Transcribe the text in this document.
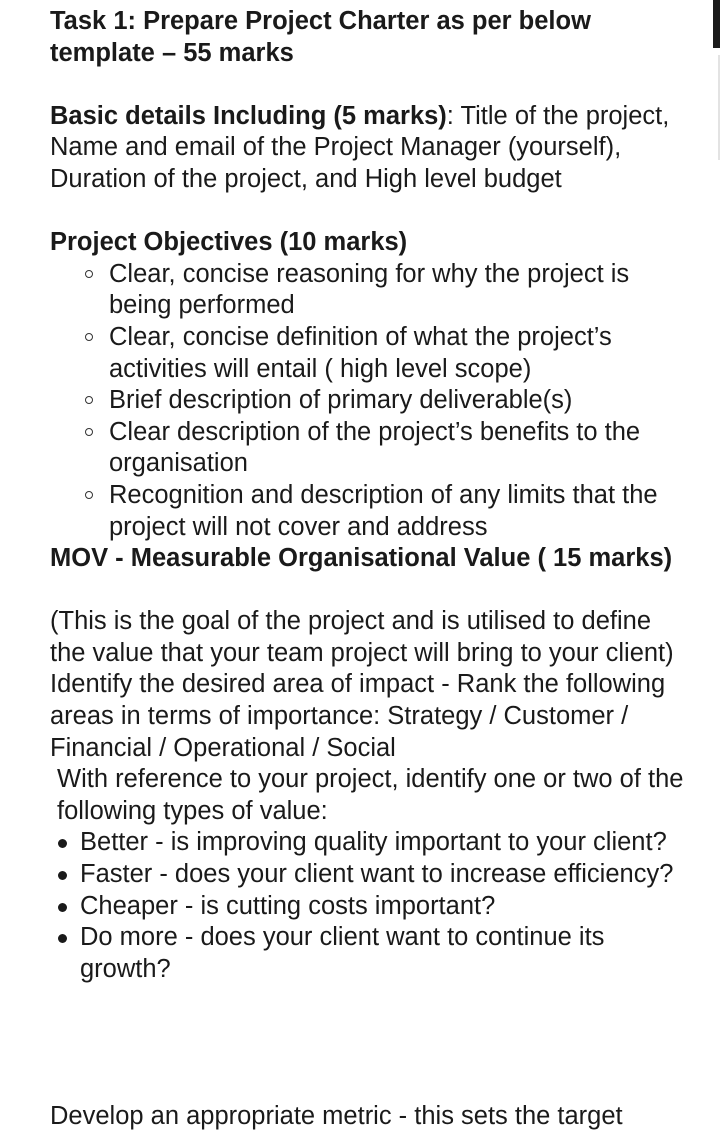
Task 1: Prepare Project Charter as per below
template – 55 marks

Basic details Including (5 marks): Title of the project, Name and email of the Project Manager (yourself), Duration of the project, and High level budget

Project Objectives (10 marks)

Clear, concise reasoning for why the project is being performed
Clear, concise definition of what the project’s activities will entail ( high level scope)
Brief description of primary deliverable(s)
Clear description of the project’s benefits to the organisation
Recognition and description of any limits that the project will not cover and address

MOV - Measurable Organisational Value ( 15 marks)

(This is the goal of the project and is utilised to define the value that your team project will bring to your client)

Identify the desired area of impact - Rank the following areas in terms of importance: Strategy / Customer / Financial / Operational / Social

With reference to your project, identify one or two of the following types of value:

Better - is improving quality important to your client?
Faster - does your client want to increase efficiency?
Cheaper - is cutting costs important?
Do more - does your client want to continue its growth?
Develop an appropriate metric - this sets the target
